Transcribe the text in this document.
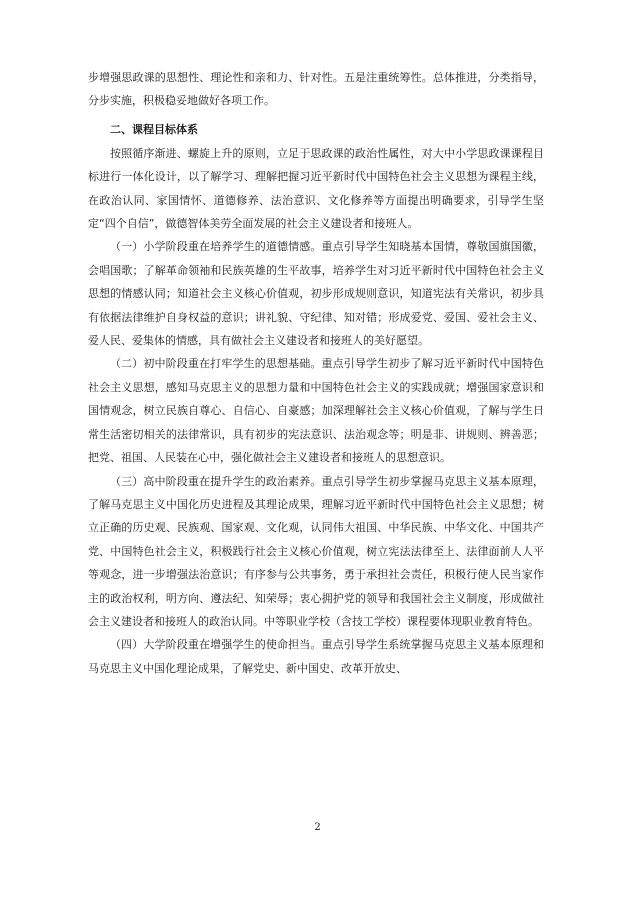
步增强思政课的思想性、理论性和亲和力、针对性。五是注重统筹性。总体推进，分类指导，分步实施，积极稳妥地做好各项工作。

二、课程目标体系

按照循序渐进、螺旋上升的原则，立足于思政课的政治性属性，对大中小学思政课课程目标进行一体化设计，以了解学习、理解把握习近平新时代中国特色社会主义思想为课程主线，在政治认同、家国情怀、道德修养、法治意识、文化修养等方面提出明确要求，引导学生坚定“四个自信”，做德智体美劳全面发展的社会主义建设者和接班人。

（一）小学阶段重在培养学生的道德情感。重点引导学生知晓基本国情，尊敬国旗国徽，会唱国歌；了解革命领袖和民族英雄的生平故事，培养学生对习近平新时代中国特色社会主义思想的情感认同；知道社会主义核心价值观，初步形成规则意识，知道宪法有关常识，初步具有依据法律维护自身权益的意识；讲礼貌、守纪律、知对错；形成爱党、爱国、爱社会主义、爱人民、爱集体的情感，具有做社会主义建设者和接班人的美好愿望。

（二）初中阶段重在打牢学生的思想基础。重点引导学生初步了解习近平新时代中国特色社会主义思想，感知马克思主义的思想力量和中国特色社会主义的实践成就；增强国家意识和国情观念，树立民族自尊心、自信心、自豪感；加深理解社会主义核心价值观，了解与学生日常生活密切相关的法律常识，具有初步的宪法意识、法治观念等；明是非、讲规则、辨善恶；把党、祖国、人民装在心中，强化做社会主义建设者和接班人的思想意识。

（三）高中阶段重在提升学生的政治素养。重点引导学生初步掌握马克思主义基本原理，了解马克思主义中国化历史进程及其理论成果，理解习近平新时代中国特色社会主义思想；树立正确的历史观、民族观、国家观、文化观，认同伟大祖国、中华民族、中华文化、中国共产党、中国特色社会主义，积极践行社会主义核心价值观，树立宪法法律至上、法律面前人人平等观念，进一步增强法治意识；有序参与公共事务，勇于承担社会责任，积极行使人民当家作主的政治权利，明方向、遵法纪、知荣辱；衷心拥护党的领导和我国社会主义制度，形成做社会主义建设者和接班人的政治认同。中等职业学校（含技工学校）课程要体现职业教育特色。

（四）大学阶段重在增强学生的使命担当。重点引导学生系统掌握马克思主义基本原理和马克思主义中国化理论成果，了解党史、新中国史、改革开放史、

2
